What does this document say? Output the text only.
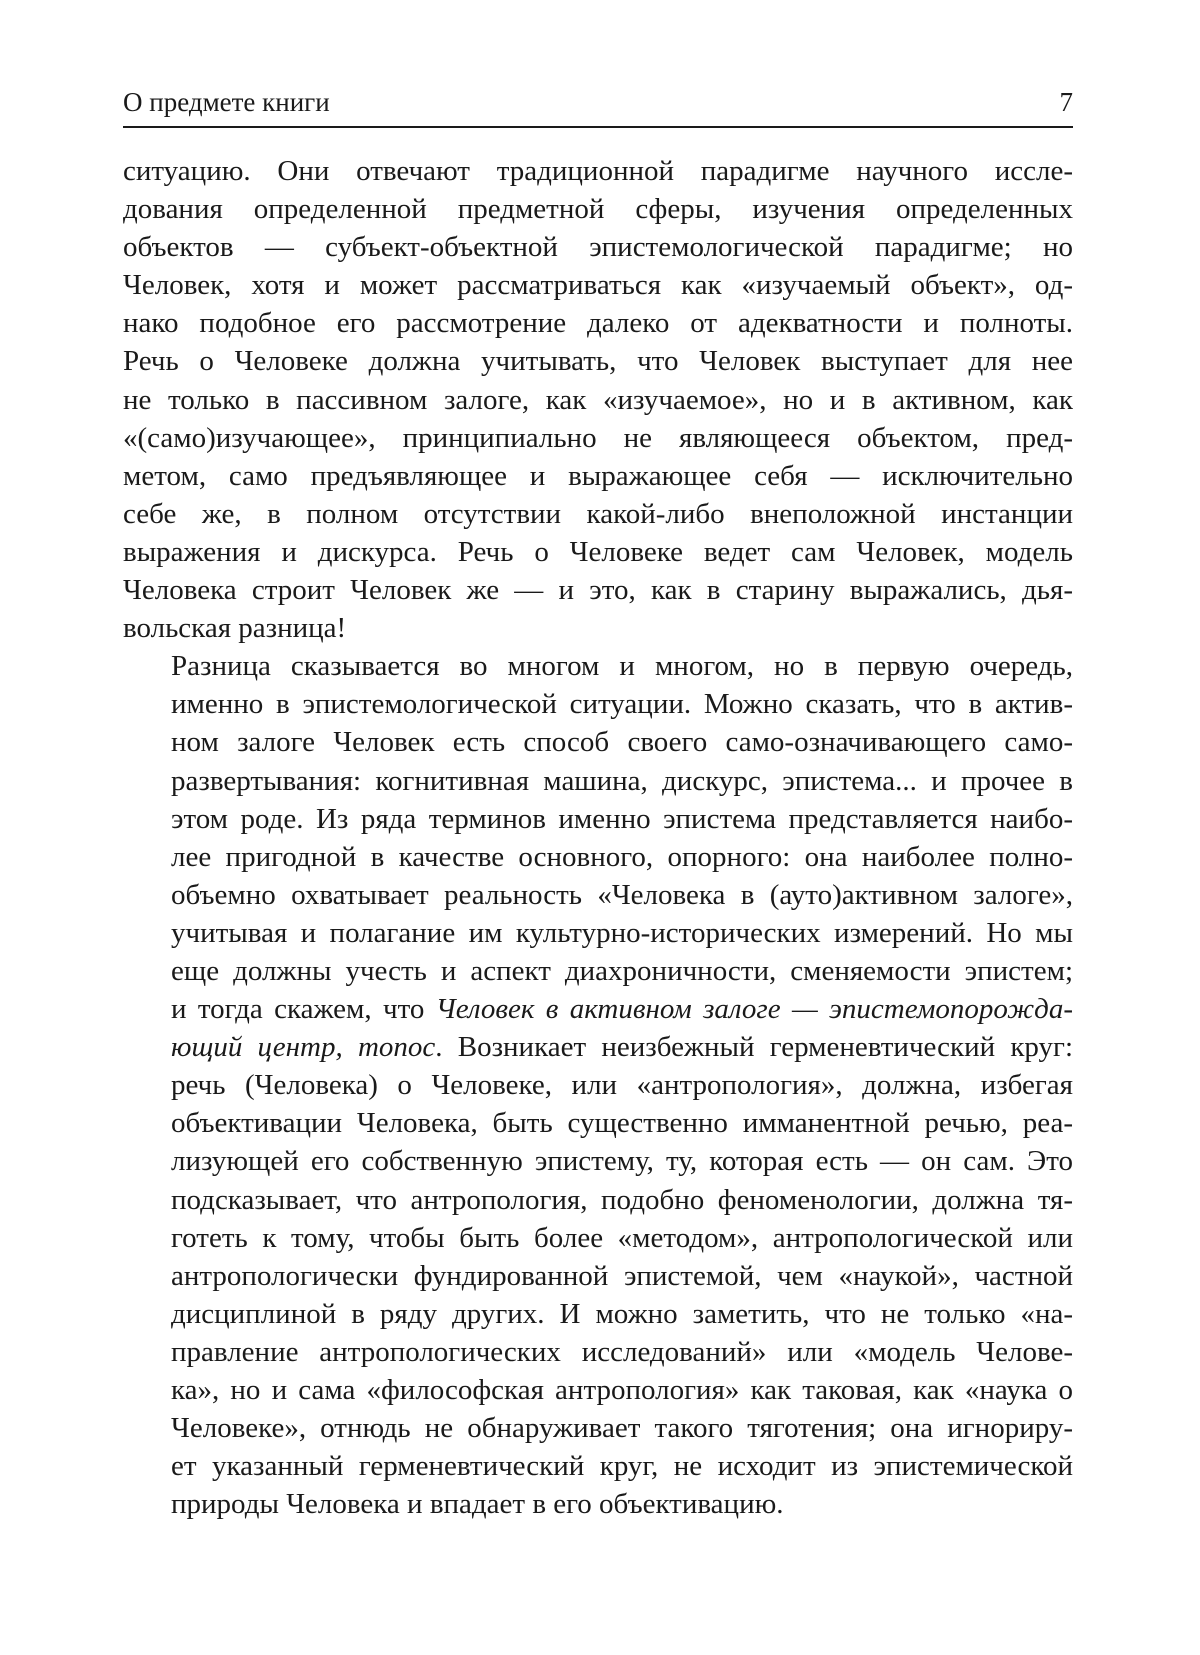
О предмете книги	7

ситуацию. Они отвечают традиционной парадигме научного иссле-
дования определенной предметной сферы, изучения определенных
объектов — субъект-объектной эпистемологической парадигме; но
Человек, хотя и может рассматриваться как «изучаемый объект», од-
нако подобное его рассмотрение далеко от адекватности и полноты.
Речь о Человеке должна учитывать, что Человек выступает для нее
не только в пассивном залоге, как «изучаемое», но и в активном, как
«(само)изучающее», принципиально не являющееся объектом, пред-
метом, само предъявляющее и выражающее себя — исключительно
себе же, в полном отсутствии какой-либо внеположной инстанции
выражения и дискурса. Речь о Человеке ведет сам Человек, модель
Человека строит Человек же — и это, как в старину выражались, дья-
вольская разница!

Разница сказывается во многом и многом, но в первую очередь,
именно в эпистемологической ситуации. Можно сказать, что в актив-
ном залоге Человек есть способ своего само-означивающего само-
развертывания: когнитивная машина, дискурс, эпистема... и прочее в
этом роде. Из ряда терминов именно эпистема представляется наибо-
лее пригодной в качестве основного, опорного: она наиболее полно-
объемно охватывает реальность «Человека в (ауто)активном залоге»,
учитывая и полагание им культурно-исторических измерений. Но мы
еще должны учесть и аспект диахроничности, сменяемости эпистем;
и тогда скажем, что Человек в активном залоге — эпистемопорожда-
ющий центр, топос. Возникает неизбежный герменевтический круг:
речь (Человека) о Человеке, или «антропология», должна, избегая
объективации Человека, быть существенно имманентной речью, реа-
лизующей его собственную эпистему, ту, которая есть — он сам. Это
подсказывает, что антропология, подобно феноменологии, должна тя-
готеть к тому, чтобы быть более «методом», антропологической или
антропологически фундированной эпистемой, чем «наукой», частной
дисциплиной в ряду других. И можно заметить, что не только «на-
правление антропологических исследований» или «модель Челове-
ка», но и сама «философская антропология» как таковая, как «наука о
Человеке», отнюдь не обнаруживает такого тяготения; она игнориру-
ет указанный герменевтический круг, не исходит из эпистемической
природы Человека и впадает в его объективацию.
